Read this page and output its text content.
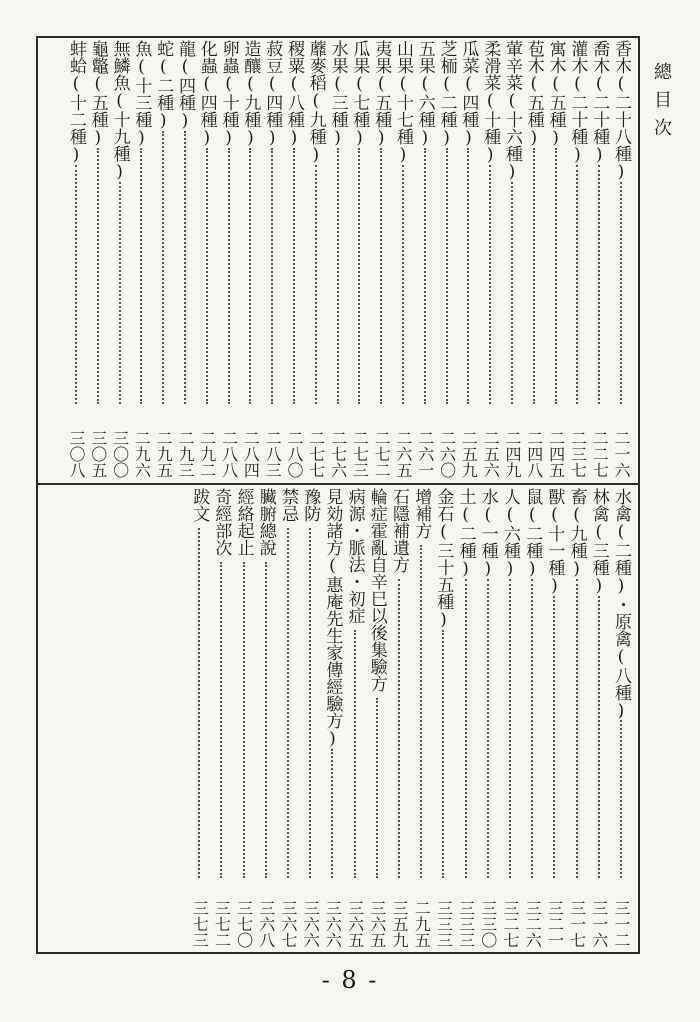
總目次
香木(二十八種)
二一六
喬木(二十種)
二二七
灌木(二十種)
二三七
寓木(五種)
二四五
苞木(五種)
二四八
葷辛菜(十六種)
二四九
柔滑菜(十種)
二五六
瓜菜(四種)
二五九
芝栭(二種)
二六〇
五果(六種)
二六一
山果(十七種)
二六五
夷果(五種)
二七二
瓜果(七種)
二七三
水果(三種)
二七六
蘼麥稻(九種)
二七七
稷粟(八種)
二八〇
菽豆(四種)
二八三
造釀(九種)
二八四
卵蟲(十種)
二八八
化蟲(四種)
二九二
龍(四種)
二九三
蛇(二種)
二九五
魚(十三種)
二九六
無鱗魚(十九種)
三〇〇
龜鼈(五種)
三〇五
蚌蛤(十二種)
三〇八
水禽(二種)・原禽(八種)
三一二
林禽(三種)
三一六
畜(九種)
三一七
獸(十一種)
三二一
鼠(二種)
三二六
人(六種)
三二七
水(一種)
三三〇
土(二種)
三三三
金石(三十五種)
三三三
增補方
二九五
石隱補遺方
三五九
輪症霍亂自辛巳以後集驗方
三六五
病源・脈法・初症
三六五
見効諸方(惠庵先生家傳經驗方)
三六六
豫防
三六六
禁忌
三六七
臟腑總說
三六八
經絡起止
三七〇
奇經部次
三七二
跋文
三七三
- 8 -
